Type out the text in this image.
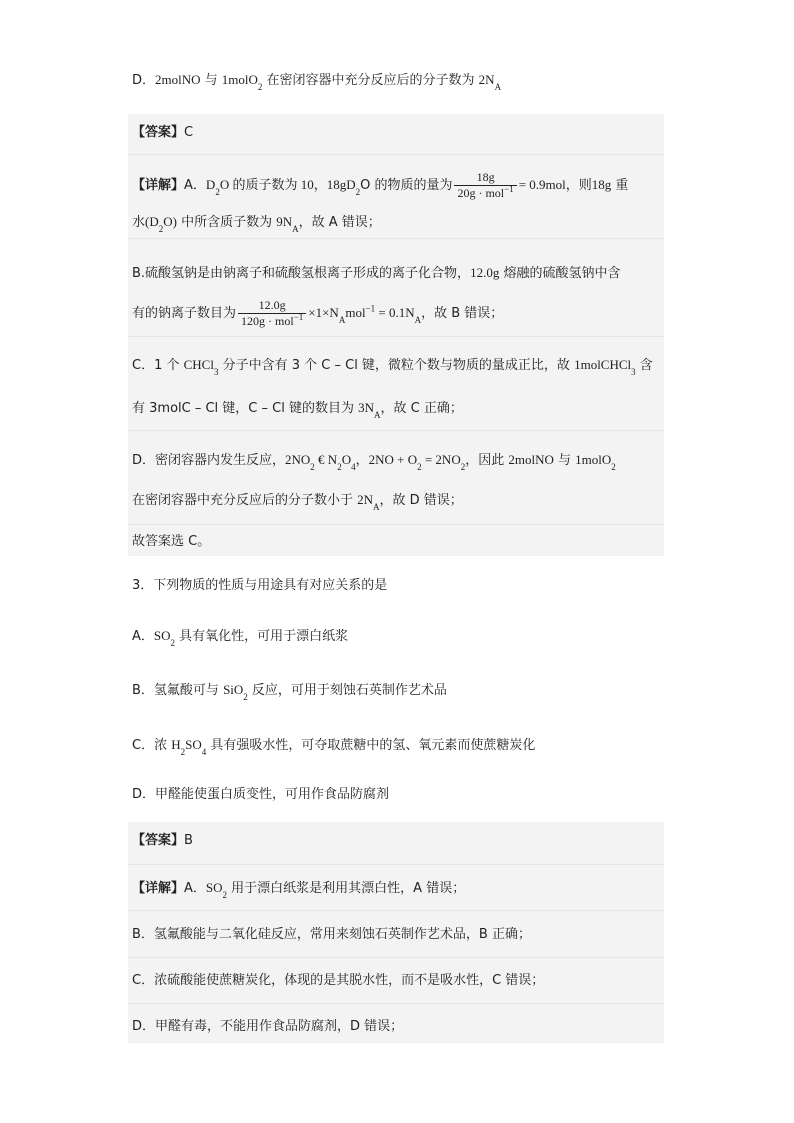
D．2molNO 与 1molO$_2$ 在密闭容器中充分反应后的分子数为 $2N_A$
【答案】C
【详解】A．$D_2O$ 的质子数为 10，$18gD_2O$ 的物质的量为 $\frac{18g}{20g \cdot mol^{-1}} = 0.9mol$，则18g 重
水$(D_2O)$ 中所含质子数为 $9N_A$，故 A 错误；
B.硫酸氢钠是由钠离子和硫酸氢根离子形成的离子化合物，12.0g 熔融的硫酸氢钠中含
有的钠离子数目为 $\frac{12.0g}{120g \cdot mol^{-1}} \times 1\times N_Amol^{-1} = 0.1N_A$，故 B 错误；
C．1 个 CHCl$_3$ 分子中含有 3 个 C – Cl 键，微粒个数与物质的量成正比，故 1molCHCl$_3$ 含
有 3molC – Cl 键，C – Cl 键的数目为 $3N_A$，故 C 正确；
D．密闭容器内发生反应，$2NO_2$ € $N_2O_4$，$2NO + O_2 = 2NO_2$，因此 2molNO 与 1molO$_2$
在密闭容器中充分反应后的分子数小于 $2N_A$，故 D 错误；
故答案选 C。
3．下列物质的性质与用途具有对应关系的是
A．$SO_2$ 具有氧化性，可用于漂白纸浆
B．氢氟酸可与 SiO$_2$ 反应，可用于刻蚀石英制作艺术品
C．浓 $H_2SO_4$ 具有强吸水性，可夺取蔗糖中的氢、氧元素而使蔗糖炭化
D．甲醛能使蛋白质变性，可用作食品防腐剂
【答案】B
【详解】A．$SO_2$ 用于漂白纸浆是利用其漂白性，A 错误；
B．氢氟酸能与二氧化硅反应，常用来刻蚀石英制作艺术品，B 正确；
C．浓硫酸能使蔗糖炭化，体现的是其脱水性，而不是吸水性，C 错误；
D．甲醛有毒，不能用作食品防腐剂，D 错误；
